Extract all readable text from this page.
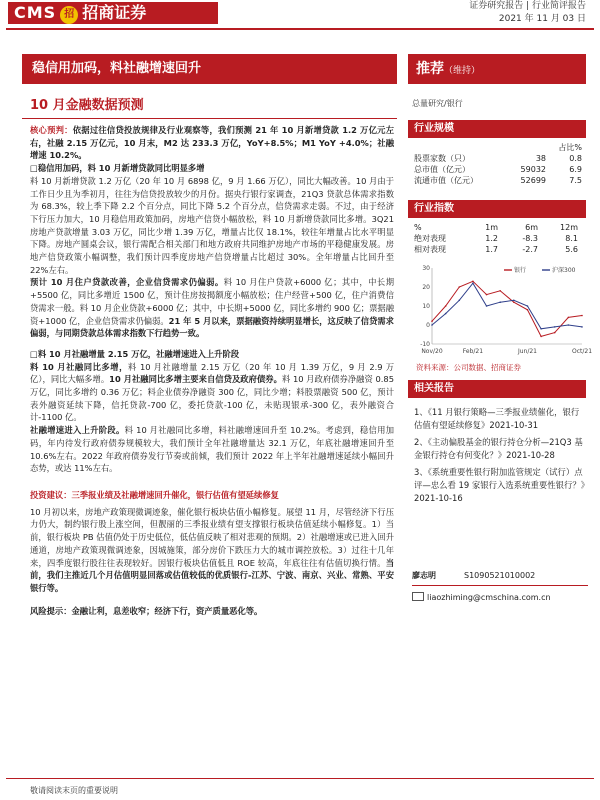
CMS 招 招商证券	证券研究报告 | 行业简评报告
2021 年 11 月 03 日
稳信用加码，料社融增速回升	推荐（维持）
10 月金融数据预测	总量研究/银行

核心预判：依据过往信贷投放规律及行业观察等，我们预测 21 年 10 月新增贷款 1.2 万亿元左右，社融 2.15 万亿元，10 月末，M2 达 233.3 万亿，YoY+8.5%；M1 YoY +4.0%；社融增速 10.2%。

□稳信用加码，料 10 月新增贷款同比明显多增

料 10 月新增贷款 1.2 万亿（20 年 10 月 6898 亿，9 月 1.66 万亿），同比大幅改善。10 月由于工作日少且为季初月，往往为信贷投放较少的月份。据央行银行家调查，21Q3 贷款总体需求指数为 68.3%，较上季下降 2.2 个百分点，同比下降 5.2 个百分点，信贷需求走弱。不过，由于经济下行压力加大，10 月稳信用政策加码，房地产信贷小幅放松，料 10 月新增贷款同比多增。3Q21 房地产贷款增量 3.03 万亿，同比少增 1.39 万亿，增量占比仅 18.1%，较往年增量占比水平明显下降。房地产圆桌会议，银行需配合相关部门和地方政府共同维护房地产市场的平稳健康发展。房地产信贷政策小幅调整，我们预计四季度房地产信贷增量占比超过 30%。全年增量占比回升至 22%左右。

预计 10 月住户贷款改善，企业信贷需求仍偏弱。料 10 月住户贷款+6000 亿；其中，中长期+5500 亿，同比多增近 1500 亿，预计住房按揭额度小幅放松；住户经营+500 亿，住户消费信贷需求一般。料 10 月企业贷款+6000 亿；其中，中长期+5000 亿，同比多增约 900 亿；票据融资+1000 亿，企业信贷需求仍偏弱。21 年 5 月以来，票据融资持续明显增长，这反映了信贷需求偏弱，与同期贷款总体需求指数下行趋势一致。

□料 10 月社融增量 2.15 万亿，社融增速进入上升阶段

料 10 月社融同比多增，料 10 月社融增量 2.15 万亿（20 年 10 月 1.39 万亿，9 月 2.9 万亿），同比大幅多增。10 月社融同比多增主要来自信贷及政府债券。料 10 月政府债券净融资 0.85 万亿，同比多增约 0.36 万亿；料企业债券净融资 300 亿，同比少增；料股票融资 500 亿，预计表外融资延续下降，信托贷款-700 亿，委托贷款-100 亿，未贴现银承-300 亿，表外融资合计-1100 亿。

社融增速进入上升阶段。料 10 月社融同比多增，料社融增速回升至 10.2%。考虑到，稳信用加码，年内待发行政府债券规模较大，我们预计全年社融增量达 32.1 万亿，年底社融增速回升至 10.6%左右。2022 年政府债券发行节奏或前倾，我们预计 2022 年上半年社融增速延续小幅回升态势，或达 11%左右。

投资建议：三季报业绩及社融增速回升催化，银行估值有望延续修复

10 月初以来，房地产政策现微调迹象，催化银行板块估值小幅修复。展望 11 月，尽管经济下行压力仍大，制约银行股上涨空间，但靓丽的三季报业绩有望支撑银行板块估值延续小幅修复。1）当前，银行板块 PB 估值仍处于历史低位，低估值反映了相对悲观的预期。2）社融增速或已进入回升通道，房地产政策现微调迹象，因城施策，部分房价下跌压力大的城市调控放松。3）过往十几年来，四季度银行股往往表现较好。因银行板块估值低且 ROE 较高，年底往往有估值切换行情。当前，我们主推近几个月估值明显回落或估值较低的优质银行-江苏、宁波、南京、兴业、常熟、平安银行等。

风险提示：金融让利，息差收窄；经济下行，资产质量恶化等。

行业规模
占比%
股票家数（只）	38	0.8
总市值（亿元）	59032	6.9
流通市值（亿元）	52699	7.5
行业指数
%	1m	6m	12m
绝对表现	1.2	-8.3	8.1
相对表现	1.7	-2.7	5.6
30
20
10
0
-10
Nov/20	Feb/21	Jun/21	Oct/21
银行	沪深300
资料来源：公司数据、招商证券
相关报告
1、《11 月银行策略—三季报业绩催化，银行估值有望延续修复》2021-10-31
2、《主动偏股基金的银行持仓分析—21Q3 基金银行持仓有何变化？》2021-10-28
3、《系统重要性银行附加监管规定（试行）点评—忠么看 19 家银行入选系统重要性银行？》2021-10-16
廖志明	S1090521010002
liaozhiming@cmschina.com.cn
敬请阅读末页的重要说明
